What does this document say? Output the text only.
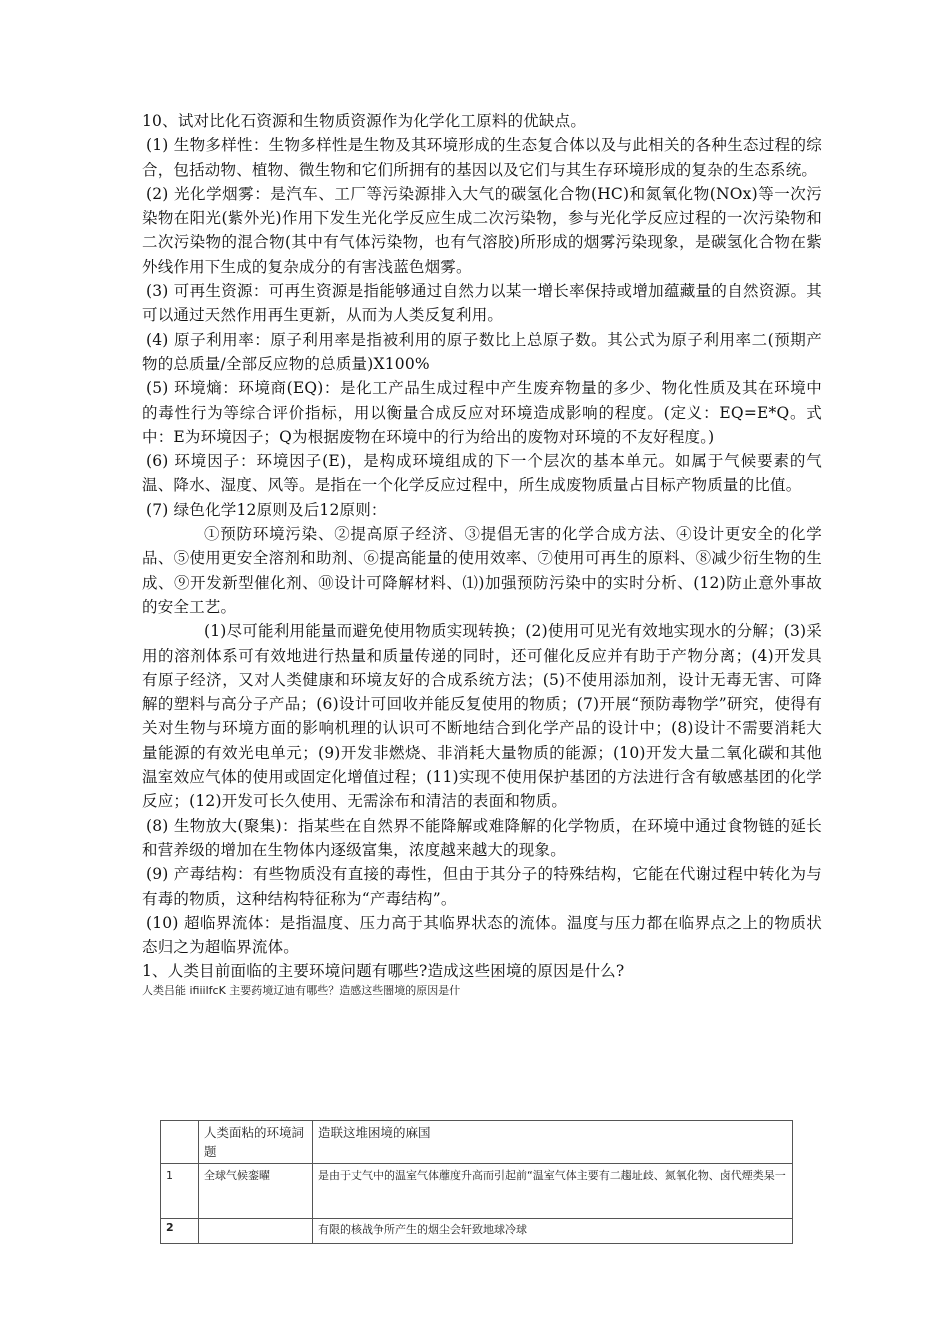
10、试对比化石资源和生物质资源作为化学化工原料的优缺点。

(1) 生物多样性：生物多样性是生物及其环境形成的生态复合体以及与此相关的各种生态过程的综合，包括动物、植物、微生物和它们所拥有的基因以及它们与其生存环境形成的复杂的生态系统。

(2) 光化学烟雾：是汽车、工厂等污染源排入大气的碳氢化合物(HC)和氮氧化物(NOx)等一次污染物在阳光(紫外光)作用下发生光化学反应生成二次污染物，参与光化学反应过程的一次污染物和二次污染物的混合物(其中有气体污染物，也有气溶胶)所形成的烟雾污染现象，是碳氢化合物在紫外线作用下生成的复杂成分的有害浅蓝色烟雾。

(3) 可再生资源：可再生资源是指能够通过自然力以某一增长率保持或增加蕴藏量的自然资源。其可以通过天然作用再生更新，从而为人类反复利用。

(4) 原子利用率：原子利用率是指被利用的原子数比上总原子数。其公式为原子利用率二(预期产物的总质量/全部反应物的总质量)X100%

(5) 环境熵：环境商(EQ)：是化工产品生成过程中产生废弃物量的多少、物化性质及其在环境中的毒性行为等综合评价指标，用以衡量合成反应对环境造成影响的程度。(定义：EQ=E*Q。式中：E为环境因子；Q为根据废物在环境中的行为给出的废物对环境的不友好程度。)

(6) 环境因子：环境因子(E)，是构成环境组成的下一个层次的基本单元。如属于气候要素的气温、降水、湿度、风等。是指在一个化学反应过程中，所生成废物质量占目标产物质量的比值。

(7) 绿色化学12原则及后12原则：

①预防环境污染、②提高原子经济、③提倡无害的化学合成方法、④设计更安全的化学品、⑤使用更安全溶剂和助剂、⑥提高能量的使用效率、⑦使用可再生的原料、⑧减少衍生物的生成、⑨开发新型催化剂、⑩设计可降解材料、⑴)加强预防污染中的实时分析、(12)防止意外事故的安全工艺。

(1)尽可能利用能量而避免使用物质实现转换；(2)使用可见光有效地实现水的分解；(3)采用的溶剂体系可有效地进行热量和质量传递的同时，还可催化反应并有助于产物分离；(4)开发具有原子经济，又对人类健康和环境友好的合成系统方法；(5)不使用添加剂，设计无毒无害、可降解的塑料与高分子产品；(6)设计可回收并能反复使用的物质；(7)开展“预防毒物学”研究，使得有关对生物与环境方面的影响机理的认识可不断地结合到化学产品的设计中；(8)设计不需要消耗大量能源的有效光电单元；(9)开发非燃烧、非消耗大量物质的能源；(10)开发大量二氧化碳和其他温室效应气体的使用或固定化增值过程；(11)实现不使用保护基团的方法进行含有敏感基团的化学反应；(12)开发可长久使用、无需涂布和清洁的表面和物质。

(8) 生物放大(聚集)：指某些在自然界不能降解或难降解的化学物质，在环境中通过食物链的延长和营养级的增加在生物体内逐级富集，浓度越来越大的现象。

(9) 产毒结构：有些物质没有直接的毒性，但由于其分子的特殊结构，它能在代谢过程中转化为与有毒的物质，这种结构特征称为“产毒结构”。

(10) 超临界流体：是指温度、压力高于其临界状态的流体。温度与压力都在临界点之上的物质状态归之为超临界流体。

1、人类目前面临的主要环境问题有哪些?造成这些困境的原因是什么?

人类吕能 ifiiilfcK 主要药境辽迪有哪些？造感这些闇境的原因是什

	人类面粘的环境詞题	造联这堆困境的麻国
1	全球气候銮曜	是由于丈气中的温室气体蘼度升高而引起前“温室气体主要有二趨址歧、氮氧化物、卤代煙类杲一
2		有限的核战争所产生的烟尘会轩致地球冷球
